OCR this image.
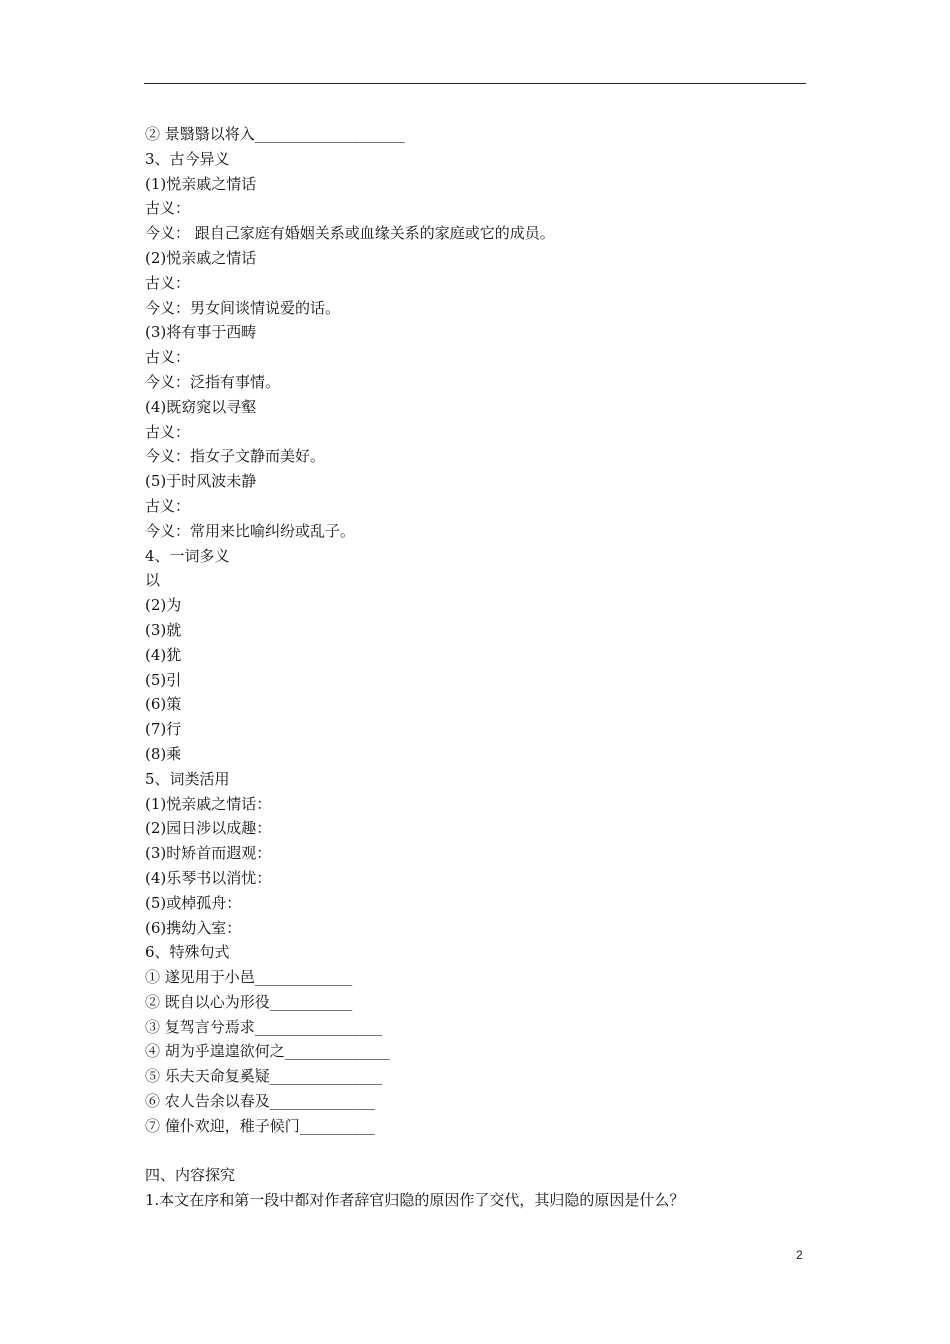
② 景翳翳以将入____________________
3、古今异义
(1)悦亲戚之情话
古义：
今义： 跟自己家庭有婚姻关系或血缘关系的家庭或它的成员。
(2)悦亲戚之情话
古义：
今义：男女间谈情说爱的话。
(3)将有事于西畴
古义：
今义：泛指有事情。
(4)既窈窕以寻壑
古义：
今义：指女子文静而美好。
(5)于时风波未静
古义：
今义：常用来比喻纠纷或乱子。
4、一词多义
以
(2)为
(3)就
(4)犹
(5)引
(6)策
(7)行
(8)乘
5、词类活用
(1)悦亲戚之情话：
(2)园日涉以成趣：
(3)时矫首而遐观：
(4)乐琴书以消忧：
(5)或棹孤舟：
(6)携幼入室：
6、特殊句式
① 遂见用于小邑_____________
② 既自以心为形役___________
③ 复驾言兮焉求_________________
④ 胡为乎遑遑欲何之______________
⑤ 乐夫天命复奚疑_______________
⑥ 农人告余以春及______________
⑦ 僮仆欢迎，稚子候门__________
四、内容探究
1.本文在序和第一段中都对作者辞官归隐的原因作了交代，其归隐的原因是什么？
2
